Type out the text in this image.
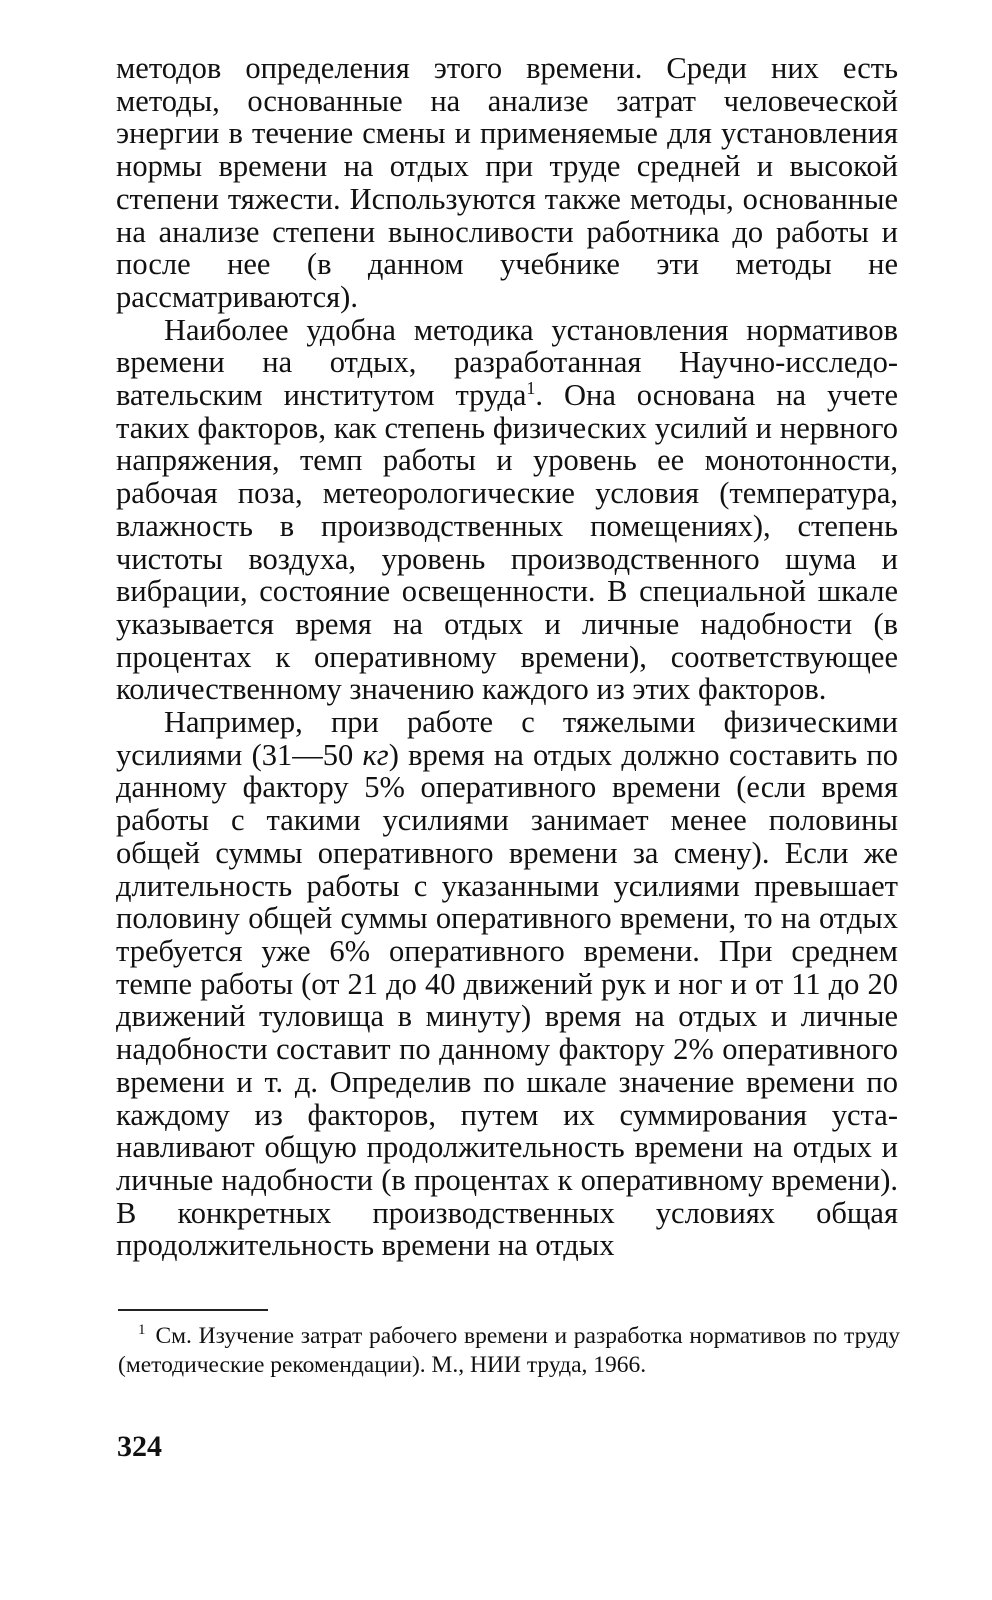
методов определения этого времени. Среди них есть методы, основанные на анализе затрат человеческой энергии в течение смены и применяемые для установления нормы времени на отдых при труде средней и высокой степени тяжести. Используются также методы, основанные на анализе степени выносливости работника до работы и после нее (в данном учебнике эти методы не рассматриваются).

Наиболее удобна методика установления нормативов времени на отдых, разработанная Научно-исследовательским институтом труда$^1$. Она основана на учете таких факторов, как степень физических усилий и нервного напряжения, темп работы и уровень ее монотонности, рабочая поза, метеорологические условия (температура, влажность в производственных помещениях), степень чистоты воздуха, уровень производственного шума и вибрации, состояние освещенности. В специальной шкале указывается время на отдых и личные надобности (в процентах к оперативному времени), соответствующее количественному значению каждого из этих факторов.

Например, при работе с тяжелыми физическими усилиями (31—50 кг) время на отдых должно составить по данному фактору 5% оперативного времени (если время работы с такими усилиями занимает менее половины общей суммы оперативного времени за смену). Если же длительность работы с указанными усилиями превышает половину общей суммы оперативного времени, то на отдых требуется уже 6% оперативного времени. При среднем темпе работы (от 21 до 40 движений рук и ног и от 11 до 20 движений туловища в минуту) время на отдых и личные надобности составит по данному фактору 2% оперативного времени и т. д. Определив по шкале значение времени по каждому из факторов, путем их суммирования устанавливают общую продолжительность времени на отдых и личные надобности (в процентах к оперативному времени). В конкретных производственных условиях общая продолжительность времени на отдых

$^1$ См. Изучение затрат рабочего времени и разработка нормативов по труду (методические рекомендации). М., НИИ труда, 1966.

324
